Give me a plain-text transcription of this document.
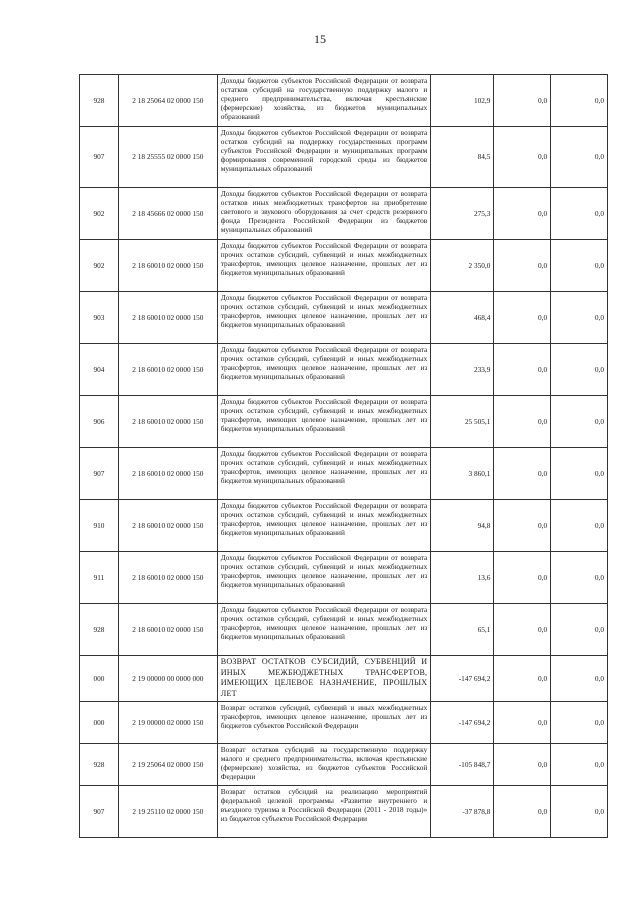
15
928	2 18 25064 02 0000 150	Доходы бюджетов субъектов Российской Федерации от возврата остатков субсидий на государственную поддержку малого и среднего предпринимательства, включая крестьянские (фермерские) хозяйства, из бюджетов муниципальных образований	102,9	0,0	0,0
907	2 18 25555 02 0000 150	Доходы бюджетов субъектов Российской Федерации от возврата остатков субсидий на поддержку государственных программ субъектов Российской Федерации и муниципальных программ формирования современной городской среды из бюджетов муниципальных образований	84,5	0,0	0,0
902	2 18 45666 02 0000 150	Доходы бюджетов субъектов Российской Федерации от возврата остатков иных межбюджетных трансфертов на приобретение светового и звукового оборудования за счет средств резервного фонда Президента Российской Федерации из бюджетов муниципальных образований	275,3	0,0	0,0
902	2 18 60010 02 0000 150	Доходы бюджетов субъектов Российской Федерации от возврата прочих остатков субсидий, субвенций и иных межбюджетных трансфертов, имеющих целевое назначение, прошлых лет из бюджетов муниципальных образований	2 350,0	0,0	0,0
903	2 18 60010 02 0000 150	Доходы бюджетов субъектов Российской Федерации от возврата прочих остатков субсидий, субвенций и иных межбюджетных трансфертов, имеющих целевое назначение, прошлых лет из бюджетов муниципальных образований	468,4	0,0	0,0
904	2 18 60010 02 0000 150	Доходы бюджетов субъектов Российской Федерации от возврата прочих остатков субсидий, субвенций и иных межбюджетных трансфертов, имеющих целевое назначение, прошлых лет из бюджетов муниципальных образований	233,9	0,0	0,0
906	2 18 60010 02 0000 150	Доходы бюджетов субъектов Российской Федерации от возврата прочих остатков субсидий, субвенций и иных межбюджетных трансфертов, имеющих целевое назначение, прошлых лет из бюджетов муниципальных образований	25 505,1	0,0	0,0
907	2 18 60010 02 0000 150	Доходы бюджетов субъектов Российской Федерации от возврата прочих остатков субсидий, субвенций и иных межбюджетных трансфертов, имеющих целевое назначение, прошлых лет из бюджетов муниципальных образований	3 860,1	0,0	0,0
910	2 18 60010 02 0000 150	Доходы бюджетов субъектов Российской Федерации от возврата прочих остатков субсидий, субвенций и иных межбюджетных трансфертов, имеющих целевое назначение, прошлых лет из бюджетов муниципальных образований	94,8	0,0	0,0
911	2 18 60010 02 0000 150	Доходы бюджетов субъектов Российской Федерации от возврата прочих остатков субсидий, субвенций и иных межбюджетных трансфертов, имеющих целевое назначение, прошлых лет из бюджетов муниципальных образований	13,6	0,0	0,0
928	2 18 60010 02 0000 150	Доходы бюджетов субъектов Российской Федерации от возврата прочих остатков субсидий, субвенций и иных межбюджетных трансфертов, имеющих целевое назначение, прошлых лет из бюджетов муниципальных образований	65,1	0,0	0,0
000	2 19 00000 00 0000 000	ВОЗВРАТ ОСТАТКОВ СУБСИДИЙ, СУБВЕНЦИЙ И ИНЫХ МЕЖБЮДЖЕТНЫХ ТРАНСФЕРТОВ, ИМЕЮЩИХ ЦЕЛЕВОЕ НАЗНАЧЕНИЕ, ПРОШЛЫХ ЛЕТ	-147 694,2	0,0	0,0
000	2 19 00000 02 0000 150	Возврат остатков субсидий, субвенций и иных межбюджетных трансфертов, имеющих целевое назначение, прошлых лет из бюджетов субъектов Российской Федерации	-147 694,2	0,0	0,0
928	2 19 25064 02 0000 150	Возврат остатков субсидий на государственную поддержку малого и среднего предпринимательства, включая крестьянские (фермерские) хозяйства, из бюджетов субъектов Российской Федерации	-105 848,7	0,0	0,0
907	2 19 25110 02 0000 150	Возврат остатков субсидий на реализацию мероприятий федеральной целевой программы «Развитие внутреннего и въездного туризма в Российской Федерации (2011 - 2018 годы)» из бюджетов субъектов Российской Федерации	-37 878,8	0,0	0,0
